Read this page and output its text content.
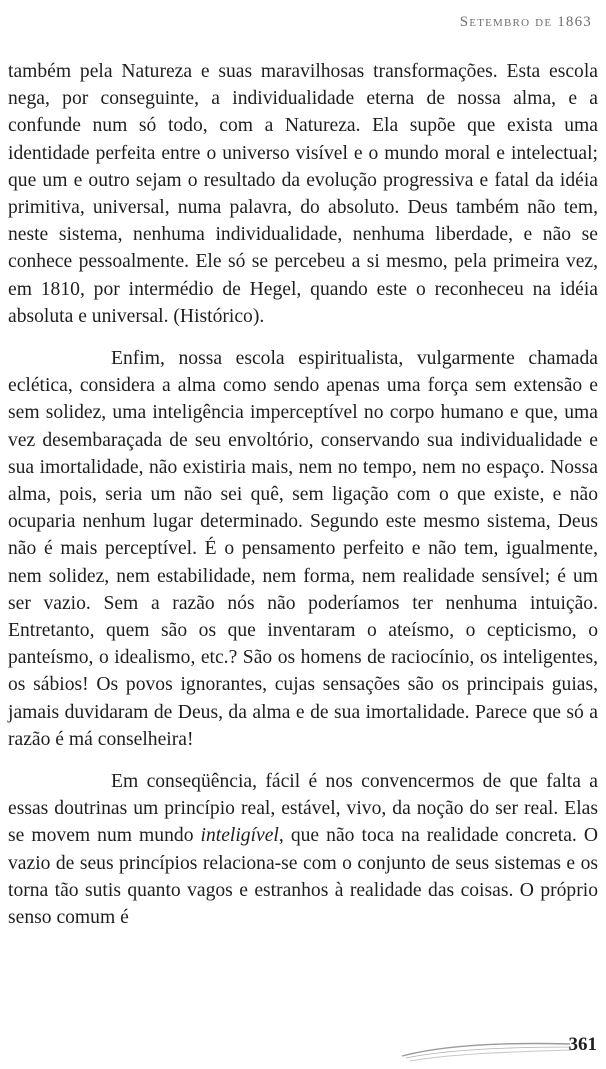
Setembro de 1863

também pela Natureza e suas maravilhosas transformações. Esta escola nega, por conseguinte, a individualidade eterna de nossa alma, e a confunde num só todo, com a Natureza. Ela supõe que exista uma identidade perfeita entre o universo visível e o mundo moral e intelectual; que um e outro sejam o resultado da evolução progressiva e fatal da idéia primitiva, universal, numa palavra, do absoluto. Deus também não tem, neste sistema, nenhuma individualidade, nenhuma liberdade, e não se conhece pessoalmente. Ele só se percebeu a si mesmo, pela primeira vez, em 1810, por intermédio de Hegel, quando este o reconheceu na idéia absoluta e universal. (Histórico).

Enfim, nossa escola espiritualista, vulgarmente chamada eclética, considera a alma como sendo apenas uma força sem extensão e sem solidez, uma inteligência imperceptível no corpo humano e que, uma vez desembaraçada de seu envoltório, conservando sua individualidade e sua imortalidade, não existiria mais, nem no tempo, nem no espaço. Nossa alma, pois, seria um não sei quê, sem ligação com o que existe, e não ocuparia nenhum lugar determinado. Segundo este mesmo sistema, Deus não é mais perceptível. É o pensamento perfeito e não tem, igualmente, nem solidez, nem estabilidade, nem forma, nem realidade sensível; é um ser vazio. Sem a razão nós não poderíamos ter nenhuma intuição. Entretanto, quem são os que inventaram o ateísmo, o cepticismo, o panteísmo, o idealismo, etc.? São os homens de raciocínio, os inteligentes, os sábios! Os povos ignorantes, cujas sensações são os principais guias, jamais duvidaram de Deus, da alma e de sua imortalidade. Parece que só a razão é má conselheira!

Em conseqüência, fácil é nos convencermos de que falta a essas doutrinas um princípio real, estável, vivo, da noção do ser real. Elas se movem num mundo inteligível, que não toca na realidade concreta. O vazio de seus princípios relaciona-se com o conjunto de seus sistemas e os torna tão sutis quanto vagos e estranhos à realidade das coisas. O próprio senso comum é

361
